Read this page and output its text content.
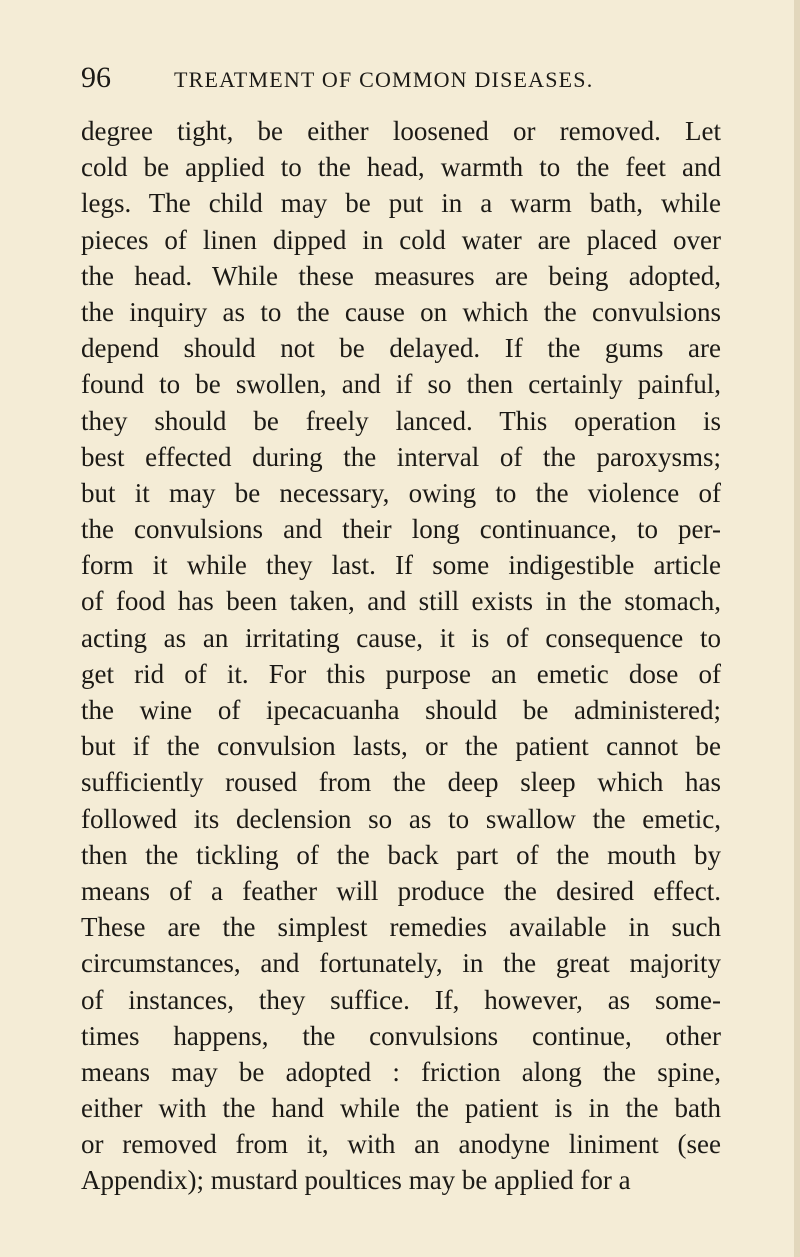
96	TREATMENT OF COMMON DISEASES.
degree tight, be either loosened or removed. Let
cold be applied to the head, warmth to the feet and
legs. The child may be put in a warm bath, while
pieces of linen dipped in cold water are placed over
the head. While these measures are being adopted,
the inquiry as to the cause on which the convulsions
depend should not be delayed. If the gums are
found to be swollen, and if so then certainly painful,
they should be freely lanced. This operation is
best effected during the interval of the paroxysms;
but it may be necessary, owing to the violence of
the convulsions and their long continuance, to per-
form it while they last. If some indigestible article
of food has been taken, and still exists in the stomach,
acting as an irritating cause, it is of consequence to
get rid of it. For this purpose an emetic dose of
the wine of ipecacuanha should be administered;
but if the convulsion lasts, or the patient cannot be
sufficiently roused from the deep sleep which has
followed its declension so as to swallow the emetic,
then the tickling of the back part of the mouth by
means of a feather will produce the desired effect.
These are the simplest remedies available in such
circumstances, and fortunately, in the great majority
of instances, they suffice. If, however, as some-
times happens, the convulsions continue, other
means may be adopted : friction along the spine,
either with the hand while the patient is in the bath
or removed from it, with an anodyne liniment (see
Appendix); mustard poultices may be applied for a
